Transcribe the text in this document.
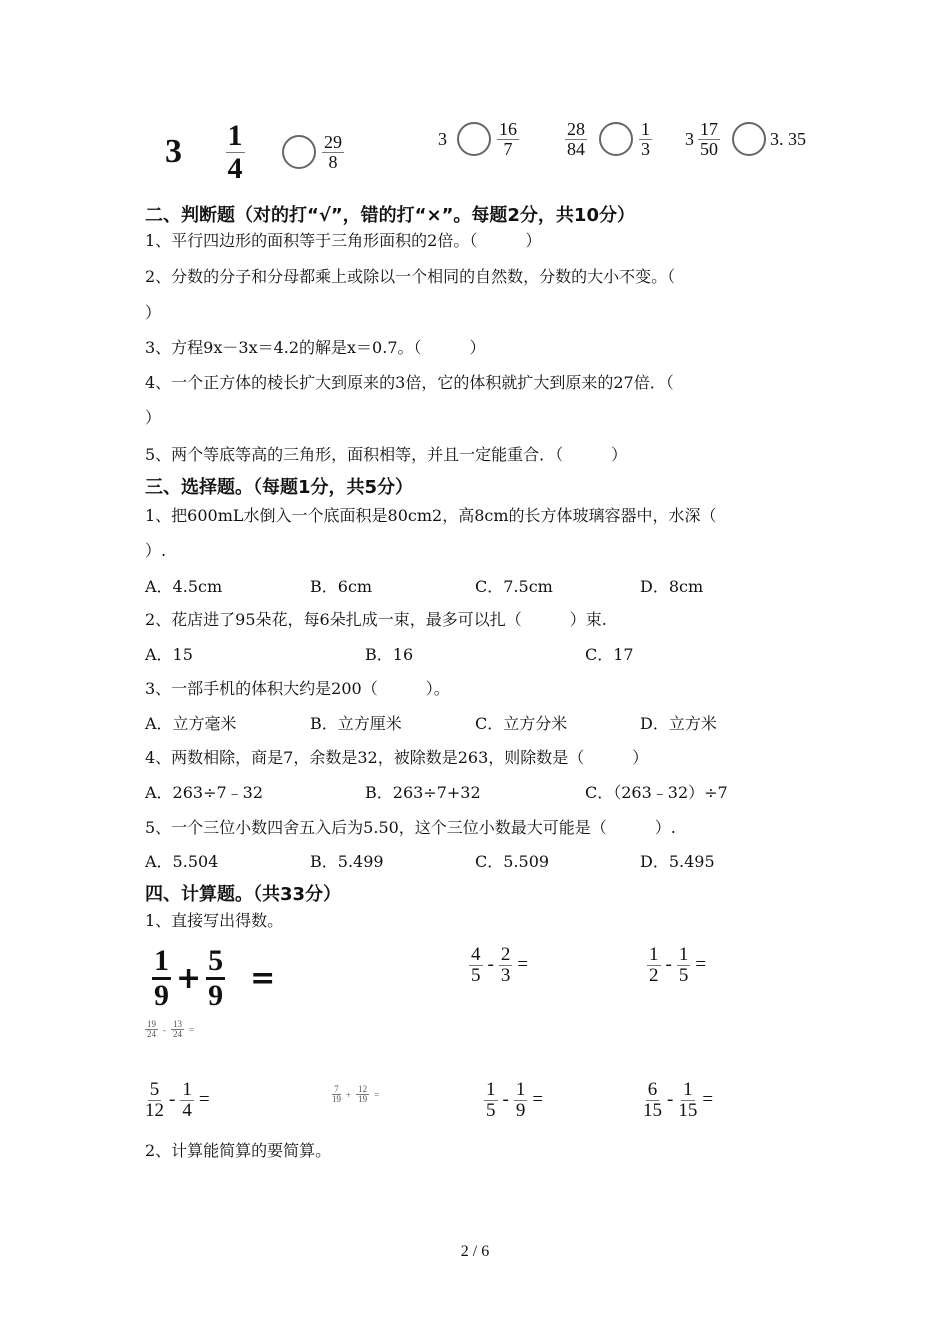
$3 \frac{1}{4}$	$\frac{29}{8}$	3	$\frac{16}{7}$	$\frac{28}{84}$	$\frac{1}{3} 3 \frac{17}{50}$	3. 35
二、判断题（对的打“√”，错的打“×”。每题2分，共10分）
1、平行四边形的面积等于三角形面积的2倍。（　　　）
2、分数的分子和分母都乘上或除以一个相同的自然数，分数的大小不变。（
）
3、方程9x－3x＝4.2的解是x＝0.7。（　　　）
4、一个正方体的棱长扩大到原来的3倍，它的体积就扩大到原来的27倍．（
）
5、两个等底等高的三角形，面积相等，并且一定能重合．（　　　）
三、选择题。（每题1分，共5分）
1、把600mL水倒入一个底面积是80cm2，高8cm的长方体玻璃容器中，水深（
）.
A．4.5cm	B．6cm	C．7.5cm	D．8cm
2、花店进了95朵花，每6朵扎成一束，最多可以扎（　　　）束.
A．15	B．16	C．17
3、一部手机的体积大约是200（　　　）。
A．立方毫米	B．立方厘米	C．立方分米	D．立方米
4、两数相除，商是7，余数是32，被除数是263，则除数是（　　　）
A．263÷7﹣32	B．263÷7+32	C．（263﹣32）÷7
5、一个三位小数四舍五入后为5.50，这个三位小数最大可能是（　　　）.
A．5.504	B．5.499	C．5.509	D．5.495
四、计算题。（共33分）
1、直接写出得数。
$\frac{1}{9} + \frac{5}{9}$ =	$\frac{4}{5} - \frac{2}{3}$ =	$\frac{1}{2} - \frac{1}{5}$ =
$\frac{19}{24} - \frac{13}{24}$ =
$\frac{5}{12} - \frac{1}{4}$ =	$\frac{7}{19} + \frac{12}{19}$ =	$\frac{1}{5} - \frac{1}{9}$ =	$\frac{6}{15} - \frac{1}{15}$ =
2、计算能简算的要简算。
2 / 6
